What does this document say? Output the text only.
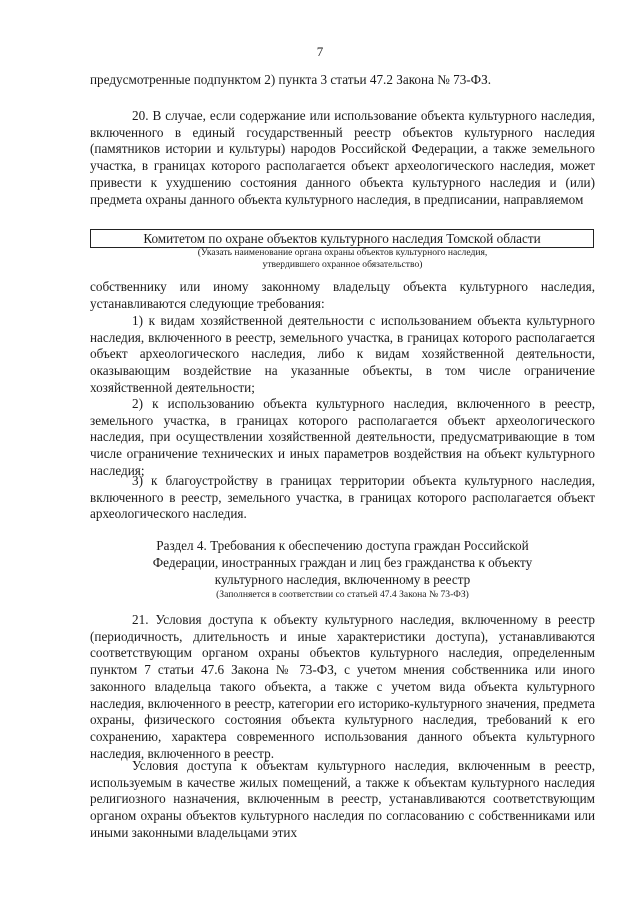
7

предусмотренные подпунктом 2) пункта 3 статьи 47.2 Закона № 73-ФЗ.

20. В случае, если содержание или использование объекта культурного наследия, включенного в единый государственный реестр объектов культурного наследия (памятников истории и культуры) народов Российской Федерации, а также земельного участка, в границах которого располагается объект археологического наследия, может привести к ухудшению состояния данного объекта культурного наследия и (или) предмета охраны данного объекта культурного наследия, в предписании, направляемом

Комитетом по охране объектов культурного наследия Томской области

(Указать наименование органа охраны объектов культурного наследия,

утвердившего охранное обязательство)

собственнику или иному законному владельцу объекта культурного наследия, устанавливаются следующие требования:

1) к видам хозяйственной деятельности с использованием объекта культурного наследия, включенного в реестр, земельного участка, в границах которого располагается объект археологического наследия, либо к видам хозяйственной деятельности, оказывающим воздействие на указанные объекты, в том числе ограничение хозяйственной деятельности;

2) к использованию объекта культурного наследия, включенного в реестр, земельного участка, в границах которого располагается объект археологического наследия, при осуществлении хозяйственной деятельности, предусматривающие в том числе ограничение технических и иных параметров воздействия на объект культурного наследия;

3) к благоустройству в границах территории объекта культурного наследия, включенного в реестр, земельного участка, в границах которого располагается объект археологического наследия.

Раздел 4. Требования к обеспечению доступа граждан Российской

Федерации, иностранных граждан и лиц без гражданства к объекту

культурного наследия, включенному в реестр

(Заполняется в соответствии со статьей 47.4 Закона № 73-ФЗ)

21. Условия доступа к объекту культурного наследия, включенному в реестр (периодичность, длительность и иные характеристики доступа), устанавливаются соответствующим органом охраны объектов культурного наследия, определенным пунктом 7 статьи 47.6 Закона № 73-ФЗ, с учетом мнения собственника или иного законного владельца такого объекта, а также с учетом вида объекта культурного наследия, включенного в реестр, категории его историко-культурного значения, предмета охраны, физического состояния объекта культурного наследия, требований к его сохранению, характера современного использования данного объекта культурного наследия, включенного в реестр.

Условия доступа к объектам культурного наследия, включенным в реестр, используемым в качестве жилых помещений, а также к объектам культурного наследия религиозного назначения, включенным в реестр, устанавливаются соответствующим органом охраны объектов культурного наследия по согласованию с собственниками или иными законными владельцами этих
